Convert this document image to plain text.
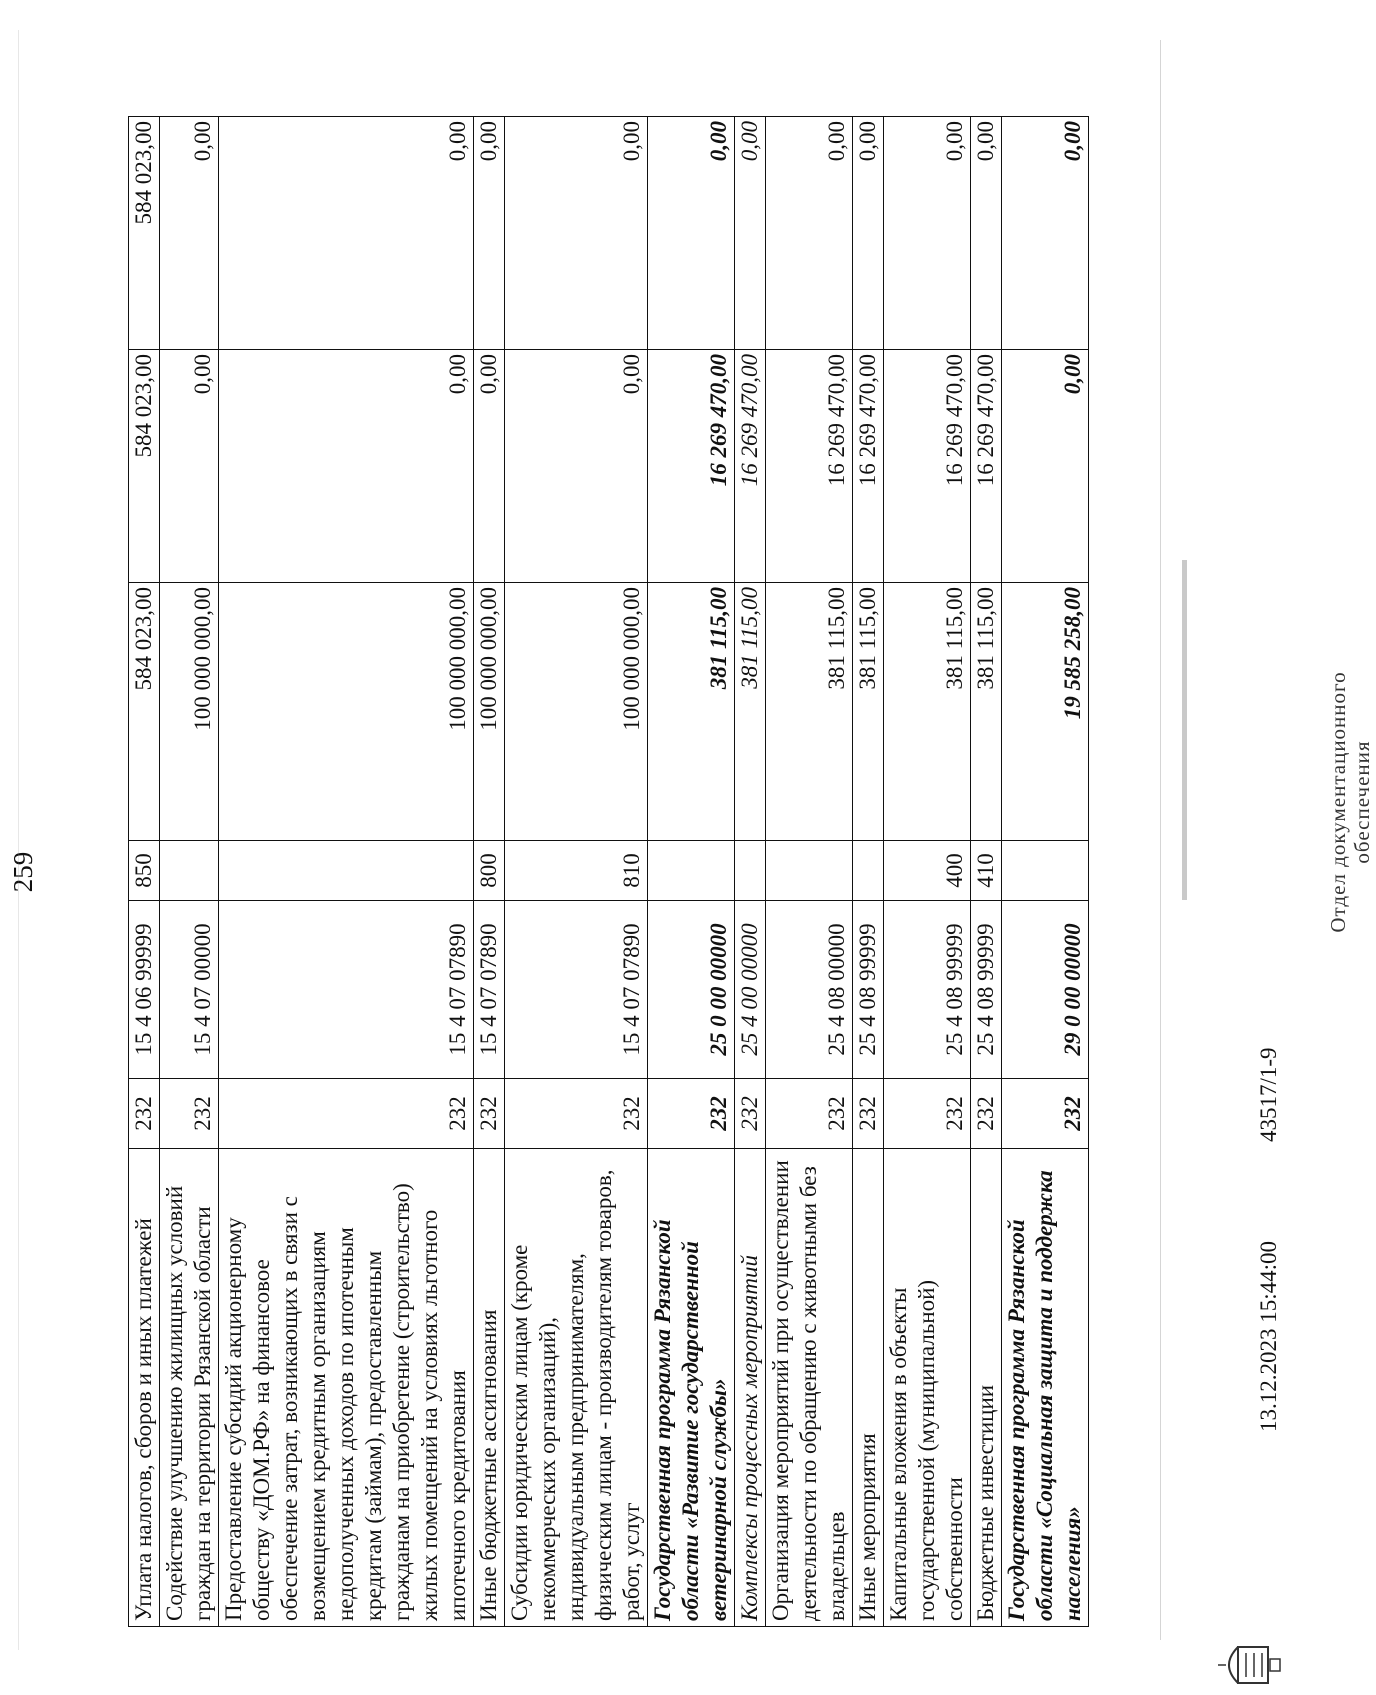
259
Уплата налогов, сборов и иных платежей	232	15 4 06 99999	850	584 023,00	584 023,00	584 023,00
Содействие улучшению жилищных условий граждан на территории Рязанской области	232	15 4 07 00000		100 000 000,00	0,00	0,00
Предоставление субсидий акционерному обществу «ДОМ.РФ» на финансовое обеспечение затрат, возникающих в связи с возмещением кредитным организациям недополученных доходов по ипотечным кредитам (займам), предоставленным гражданам на приобретение (строительство) жилых помещений на условиях льготного ипотечного кредитования	232	15 4 07 07890		100 000 000,00	0,00	0,00
Иные бюджетные ассигнования	232	15 4 07 07890	800	100 000 000,00	0,00	0,00
Субсидии юридическим лицам (кроме некоммерческих организаций), индивидуальным предпринимателям, физическим лицам - производителям товаров, работ, услуг	232	15 4 07 07890	810	100 000 000,00	0,00	0,00
Государственная программа Рязанской области «Развитие государственной ветеринарной службы»	232	25 0 00 00000		381 115,00	16 269 470,00	0,00
Комплексы процессных мероприятий	232	25 4 00 00000		381 115,00	16 269 470,00	0,00
Организация мероприятий при осуществлении деятельности по обращению с животными без владельцев	232	25 4 08 00000		381 115,00	16 269 470,00	0,00
Иные мероприятия	232	25 4 08 99999		381 115,00	16 269 470,00	0,00
Капитальные вложения в объекты государственной (муниципальной) собственности	232	25 4 08 99999	400	381 115,00	16 269 470,00	0,00
Бюджетные инвестиции	232	25 4 08 99999	410	381 115,00	16 269 470,00	0,00
Государственная программа Рязанской области «Социальная защита и поддержка населения»	232	29 0 00 00000		19 585 258,00	0,00	0,00
13.12.2023 15:44:00
43517/1-9
Отдел документационного обеспечения
